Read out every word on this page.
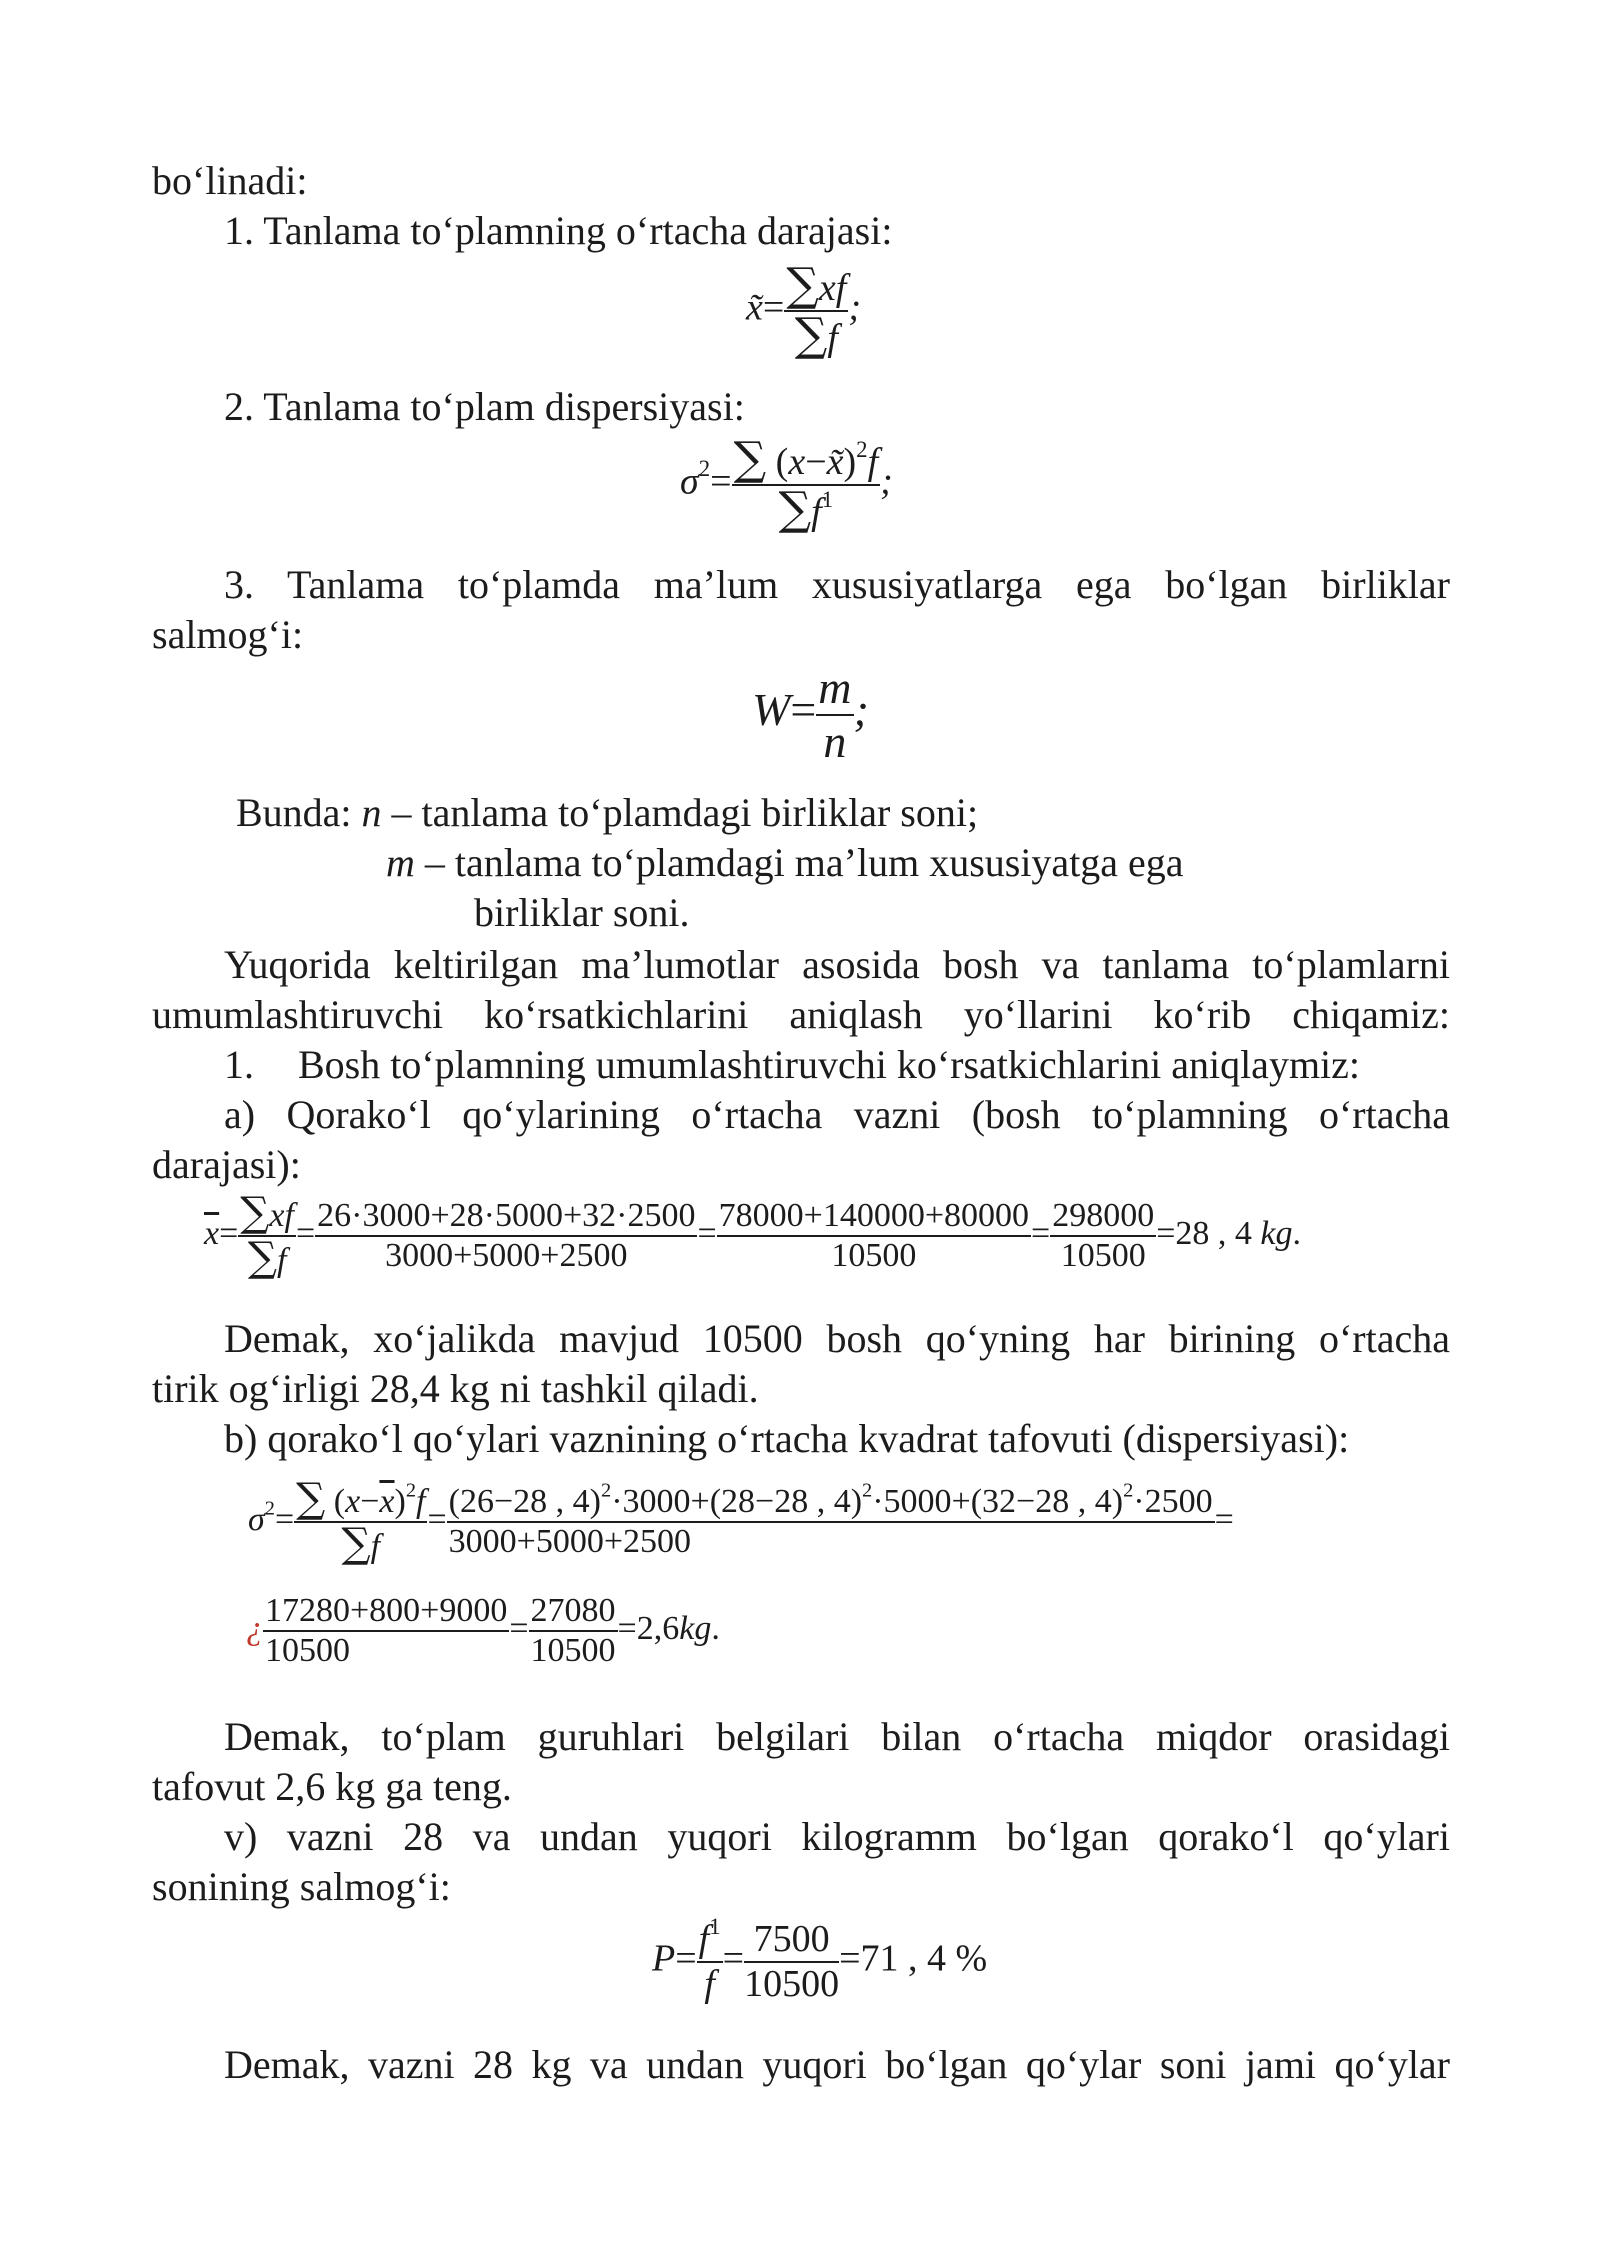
bo‘linadi:

1. Tanlama to‘plamning o‘rtacha darajasi:

x̃= $\frac{\sum xf}{\sum f}$ ;

2. Tanlama to‘plam dispersiyasi:

$\sigma^2= \frac{\sum (x-x̃)^2f}{\sum f^1}$ ;

3. Tanlama to‘plamda ma’lum xususiyatlarga ega bo‘lgan birliklar

salmog‘i:

$W= \frac{m}{n}$ ;

Bunda: n – tanlama to‘plamdagi birliklar soni;

m – tanlama to‘plamdagi ma’lum xususiyatga ega

birliklar soni.

Yuqorida keltirilgan ma’lumotlar asosida bosh va tanlama to‘plamlarni

umumlashtiruvchi ko‘rsatkichlarini aniqlash yo‘llarini ko‘rib chiqamiz:

1. Bosh to‘plamning umumlashtiruvchi ko‘rsatkichlarini aniqlaymiz:

a) Qorako‘l qo‘ylarining o‘rtacha vazni (bosh to‘plamning o‘rtacha

darajasi):

$\overline{x}= \frac{\sum xf}{\sum f} = \frac{26\cdot 3000+28\cdot 5000+32\cdot 2500}{3000+5000+2500} = \frac{78000+140000+80000}{10500} = \frac{298000}{10500} =28$ , 4 kg.

Demak, xo‘jalikda mavjud 10500 bosh qo‘yning har birining o‘rtacha

tirik og‘irligi 28,4 kg ni tashkil qiladi.

b) qorako‘l qo‘ylari vaznining o‘rtacha kvadrat tafovuti (dispersiyasi):

$\sigma^2= \frac{\sum (x-\overline{x})^2f}{\sum f} = \frac{(26-28 , 4)^2\cdot 3000+(28-28 , 4)^2\cdot 5000+(32-28 , 4)^2\cdot 2500}{3000+5000+2500}$ =
¿ $\frac{17280+800+9000}{10500} = \frac{27080}{10500} =2,6kg$.

Demak, to‘plam guruhlari belgilari bilan o‘rtacha miqdor orasidagi

tafovut 2,6 kg ga teng.

v) vazni 28 va undan yuqori kilogramm bo‘lgan qorako‘l qo‘ylari

sonining salmog‘i:

$P= \frac{f^1}{f} = \frac{7500}{10500} =71$ , 4 %

Demak, vazni 28 kg va undan yuqori bo‘lgan qo‘ylar soni jami qo‘ylar
